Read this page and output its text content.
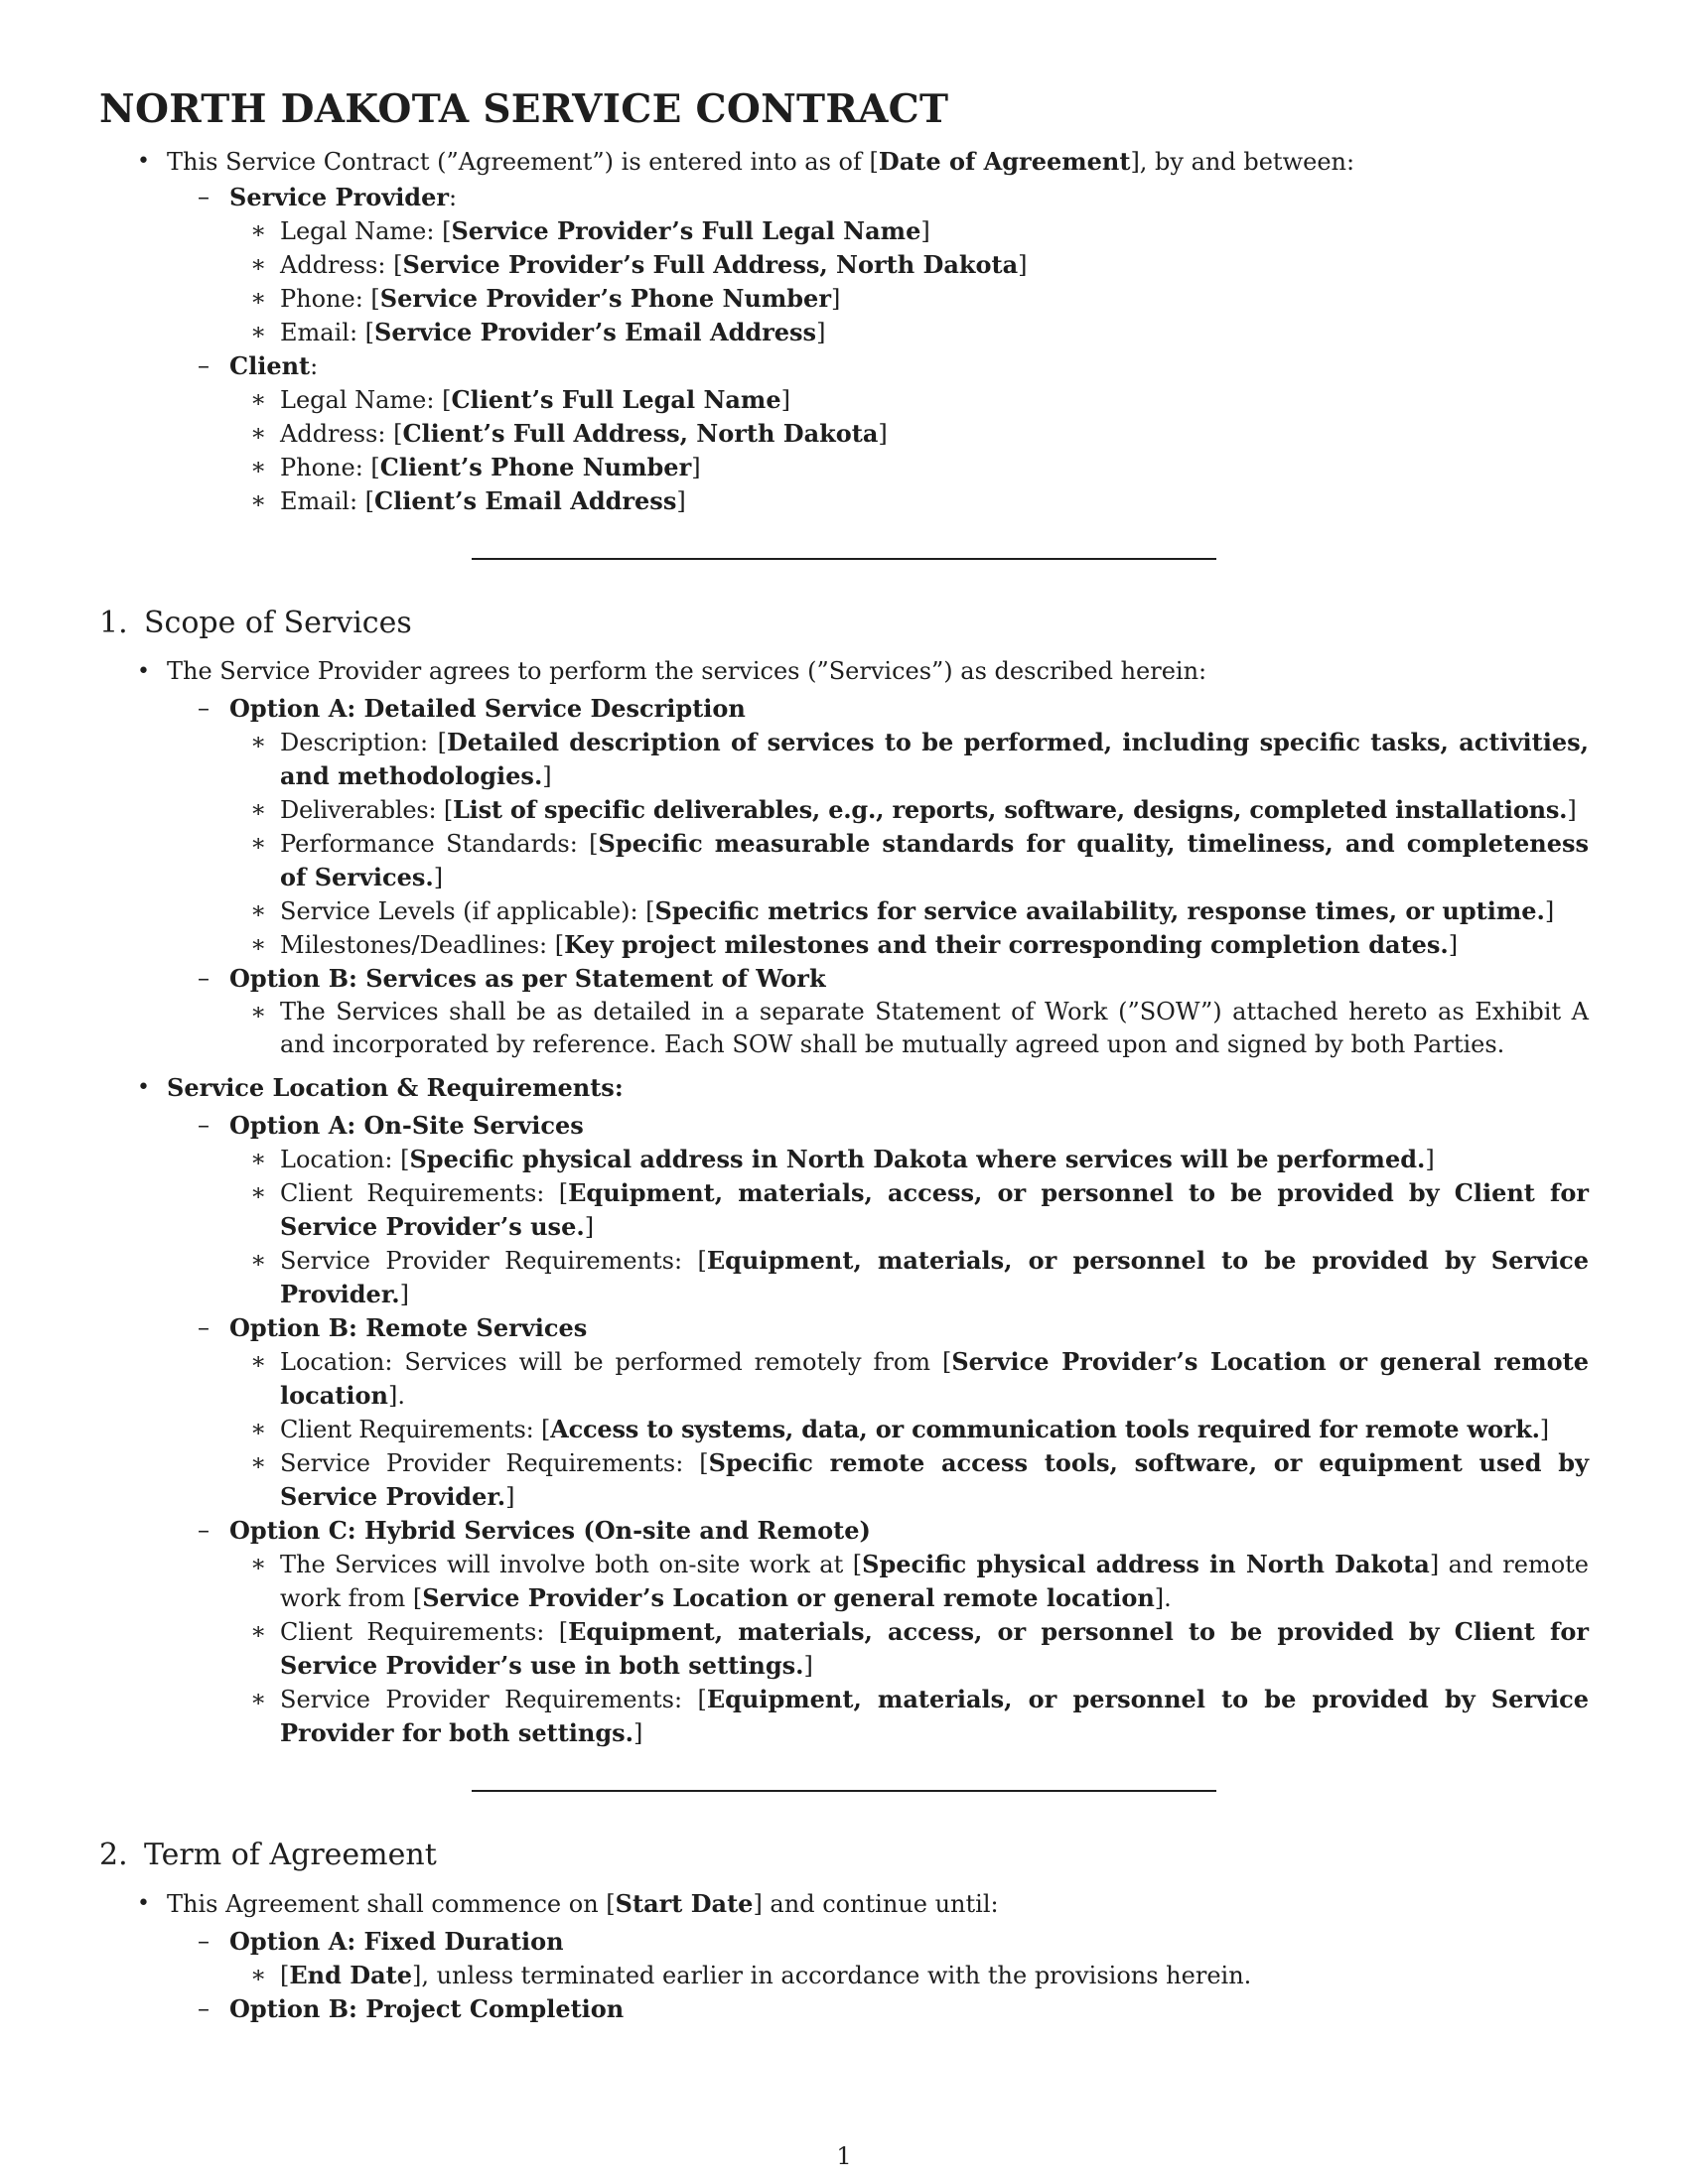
NORTH DAKOTA SERVICE CONTRACT
• This Service Contract (”Agreement”) is entered into as of [Date of Agreement], by and between:
– Service Provider:
∗ Legal Name: [Service Provider’s Full Legal Name]
∗ Address: [Service Provider’s Full Address, North Dakota]
∗ Phone: [Service Provider’s Phone Number]
∗ Email: [Service Provider’s Email Address]
– Client:
∗ Legal Name: [Client’s Full Legal Name]
∗ Address: [Client’s Full Address, North Dakota]
∗ Phone: [Client’s Phone Number]
∗ Email: [Client’s Email Address]
1. Scope of Services
• The Service Provider agrees to perform the services (”Services”) as described herein:
– Option A: Detailed Service Description
∗ Description: [Detailed description of services to be performed, including specific tasks, activities, and methodologies.]
∗ Deliverables: [List of specific deliverables, e.g., reports, software, designs, completed installations.]
∗ Performance Standards: [Specific measurable standards for quality, timeliness, and completeness of Services.]
∗ Service Levels (if applicable): [Specific metrics for service availability, response times, or uptime.]
∗ Milestones/Deadlines: [Key project milestones and their corresponding completion dates.]
– Option B: Services as per Statement of Work
∗ The Services shall be as detailed in a separate Statement of Work (”SOW”) attached hereto as Exhibit A and incorporated by reference. Each SOW shall be mutually agreed upon and signed by both Parties.
• Service Location & Requirements:
– Option A: On-Site Services
∗ Location: [Specific physical address in North Dakota where services will be performed.]
∗ Client Requirements: [Equipment, materials, access, or personnel to be provided by Client for Service Provider’s use.]
∗ Service Provider Requirements: [Equipment, materials, or personnel to be provided by Service Provider.]
– Option B: Remote Services
∗ Location: Services will be performed remotely from [Service Provider’s Location or general remote location].
∗ Client Requirements: [Access to systems, data, or communication tools required for remote work.]
∗ Service Provider Requirements: [Specific remote access tools, software, or equipment used by Service Provider.]
– Option C: Hybrid Services (On-site and Remote)
∗ The Services will involve both on-site work at [Specific physical address in North Dakota] and remote work from [Service Provider’s Location or general remote location].
∗ Client Requirements: [Equipment, materials, access, or personnel to be provided by Client for Service Provider’s use in both settings.]
∗ Service Provider Requirements: [Equipment, materials, or personnel to be provided by Service Provider for both settings.]
2. Term of Agreement
• This Agreement shall commence on [Start Date] and continue until:
– Option A: Fixed Duration
∗ [End Date], unless terminated earlier in accordance with the provisions herein.
– Option B: Project Completion
1
